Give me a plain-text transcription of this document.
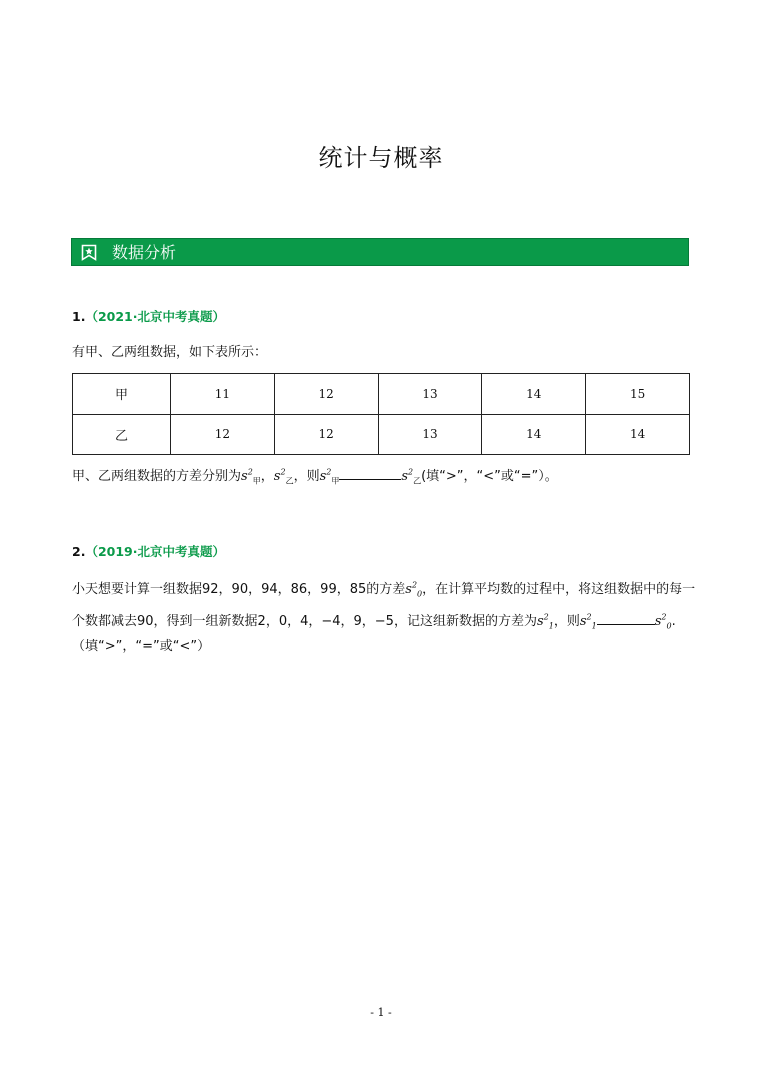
统计与概率
数据分析
1.（2021·北京中考真题）
有甲、乙两组数据，如下表所示：
甲	11	12	13	14	15
乙	12	12	13	14	14
甲、乙两组数据的方差分别为$s^2_甲$，$s^2_乙$，则$s^2_甲$	$s^2_乙$(填“>”，“<”或“=”）。
2.（2019·北京中考真题）
小天想要计算一组数据92，90，94，86，99，85的方差$s^2_0$，在计算平均数的过程中，将这组数据中的每一
个数都减去90，得到一组新数据2，0，4，−4，9，−5，记这组新数据的方差为$s^2_1$，则$s^2_1$	$s^2_0$.
（填“>”，“=”或“<”）
- 1 -
